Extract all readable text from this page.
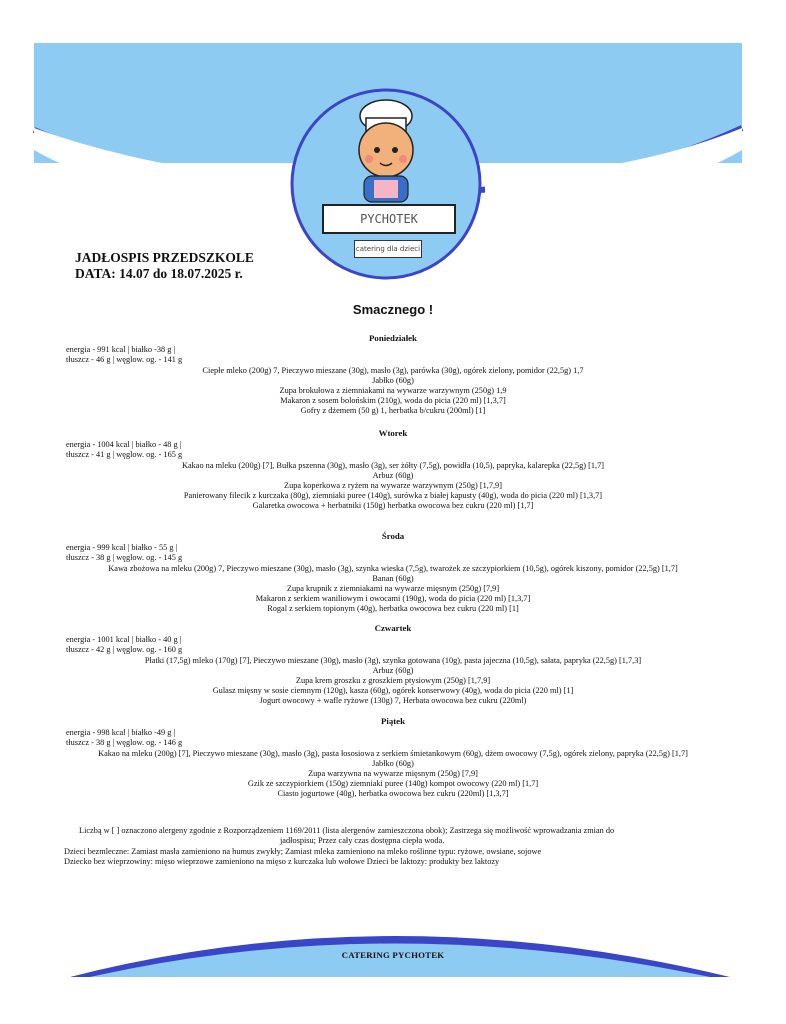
PYCHOTEK
catering dla dzieci
JADŁOSPIS PRZEDSZKOLE
DATA: 14.07 do 18.07.2025 r.
Smacznego !
Poniedziałek
energia - 991 kcal | białko -38 g |
tłuszcz - 46 g | węglow. og. - 141 g
Ciepłe mleko (200g) 7, Pieczywo mieszane (30g), masło (3g), parówka (30g), ogórek zielony, pomidor (22,5g) 1,7
Jabłko (60g)
Zupa brokułowa z ziemniakami na wywarze warzywnym (250g) 1,9
Makaron z sosem bolońskim (210g), woda do picia (220 ml) [1,3,7]
Gofry z dżemem (50 g) 1, herbatka b/cukru (200ml) [1]
Wtorek
energia - 1004 kcal | białko - 48 g |
tłuszcz - 41 g | węglow. og. - 165 g
Kakao na mleku (200g) [7], Bułka pszenna (30g), masło (3g), ser żółty (7,5g), powidła (10,5), papryka, kalarepka (22,5g) [1,7]
Arbuz (60g)
Zupa koperkowa z ryżem na wywarze warzywnym (250g) [1,7,9]
Panierowany filecik z kurczaka (80g), ziemniaki puree (140g), surówka z białej kapusty (40g), woda do picia (220 ml) [1,3,7]
Galaretka owocowa + herbatniki (150g) herbatka owocowa bez cukru (220 ml) [1,7]
Środa
energia - 999 kcal | białko - 55 g |
tłuszcz - 38 g | węglow. og. - 145 g
Kawa zbożowa na mleku (200g) 7, Pieczywo mieszane (30g), masło (3g), szynka wieska (7,5g), twarożek ze szczypiorkiem (10,5g), ogórek kiszony, pomidor (22,5g) [1,7]
Banan (60g)
Zupa krupnik z ziemniakami na wywarze mięsnym (250g) [7,9]
Makaron z serkiem waniliowym i owocami (190g), woda do picia (220 ml) [1,3,7]
Rogal z serkiem topionym (40g), herbatka owocowa bez cukru (220 ml) [1]
Czwartek
energia - 1001 kcal | białko - 40 g |
tłuszcz - 42 g | węglow. og. - 160 g
Płatki (17,5g) mleko (170g) [7], Pieczywo mieszane (30g), masło (3g), szynka gotowana (10g), pasta jajeczna (10,5g), sałata, papryka (22,5g) [1,7,3]
Arbuz (60g)
Zupa krem groszku z groszkiem ptysiowym (250g) [1,7,9]
Gulasz mięsny w sosie ciemnym (120g), kasza (60g), ogórek konserwowy (40g), woda do picia (220 ml) [1]
Jogurt owocowy + wafle ryżowe (130g) 7, Herbata owocowa bez cukru (220ml)
Piątek
energia - 998 kcal | białko -49 g |
tłuszcz - 38 g | węglow. og. - 146 g
Kakao na mleku (200g) [7], Pieczywo mieszane (30g), masło (3g), pasta łososiowa z serkiem śmietankowym (60g), dżem owocowy (7,5g), ogórek zielony, papryka (22,5g) [1,7]
Jabłko (60g)
Zupa warzywna na wywarze mięsnym (250g) [7,9]
Gzik ze szczypiorkiem (150g) ziemniaki puree (140g) kompot owocowy (220 ml) [1,7]
Ciasto jogurtowe (40g), herbatka owocowa bez cukru (220ml) [1,3,7]
Liczbą w [ ] oznaczono alergeny zgodnie z Rozporządzeniem 1169/2011 (lista alergenów zamieszczona obok); Zastrzega się możliwość wprowadzania zmian do
jadłospisu; Przez cały czas dostępna ciepła woda.
Dzieci bezmleczne: Zamiast masła zamieniono na humus zwykły; Zamiast mleka zamieniono na mleko roślinne typu: ryżowe, owsiane, sojowe
Dziecko bez wieprzowiny: mięso wieprzowe zamieniono na mięso z kurczaka lub wołowe Dzieci be laktozy: produkty bez laktozy
CATERING PYCHOTEK
